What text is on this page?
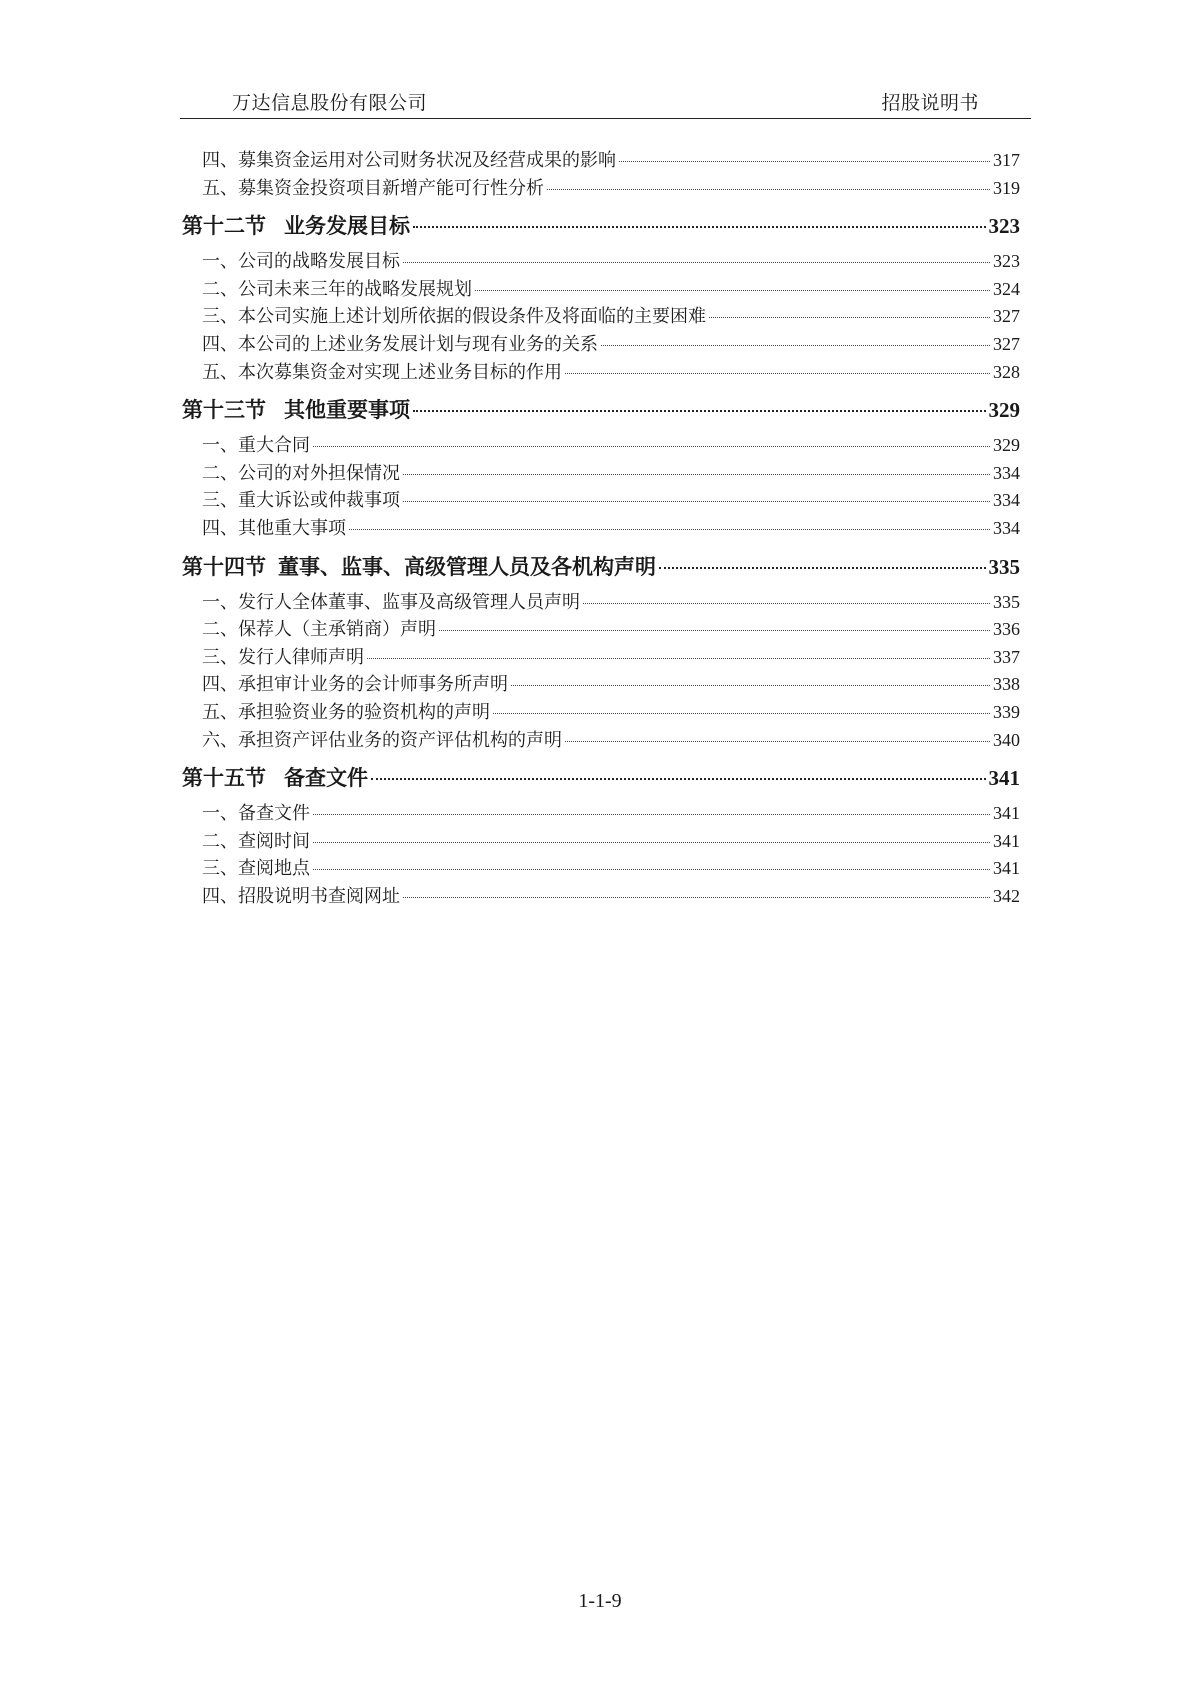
万达信息股份有限公司	招股说明书
四、募集资金运用对公司财务状况及经营成果的影响	317
五、募集资金投资项目新增产能可行性分析	319
第十二节 业务发展目标	323
一、公司的战略发展目标	323
二、公司未来三年的战略发展规划	324
三、本公司实施上述计划所依据的假设条件及将面临的主要困难	327
四、本公司的上述业务发展计划与现有业务的关系	327
五、本次募集资金对实现上述业务目标的作用	328
第十三节 其他重要事项	329
一、重大合同	329
二、公司的对外担保情况	334
三、重大诉讼或仲裁事项	334
四、其他重大事项	334
第十四节 董事、监事、高级管理人员及各机构声明	335
一、发行人全体董事、监事及高级管理人员声明	335
二、保荐人（主承销商）声明	336
三、发行人律师声明	337
四、承担审计业务的会计师事务所声明	338
五、承担验资业务的验资机构的声明	339
六、承担资产评估业务的资产评估机构的声明	340
第十五节 备查文件	341
一、备查文件	341
二、查阅时间	341
三、查阅地点	341
四、招股说明书查阅网址	342
1-1-9
